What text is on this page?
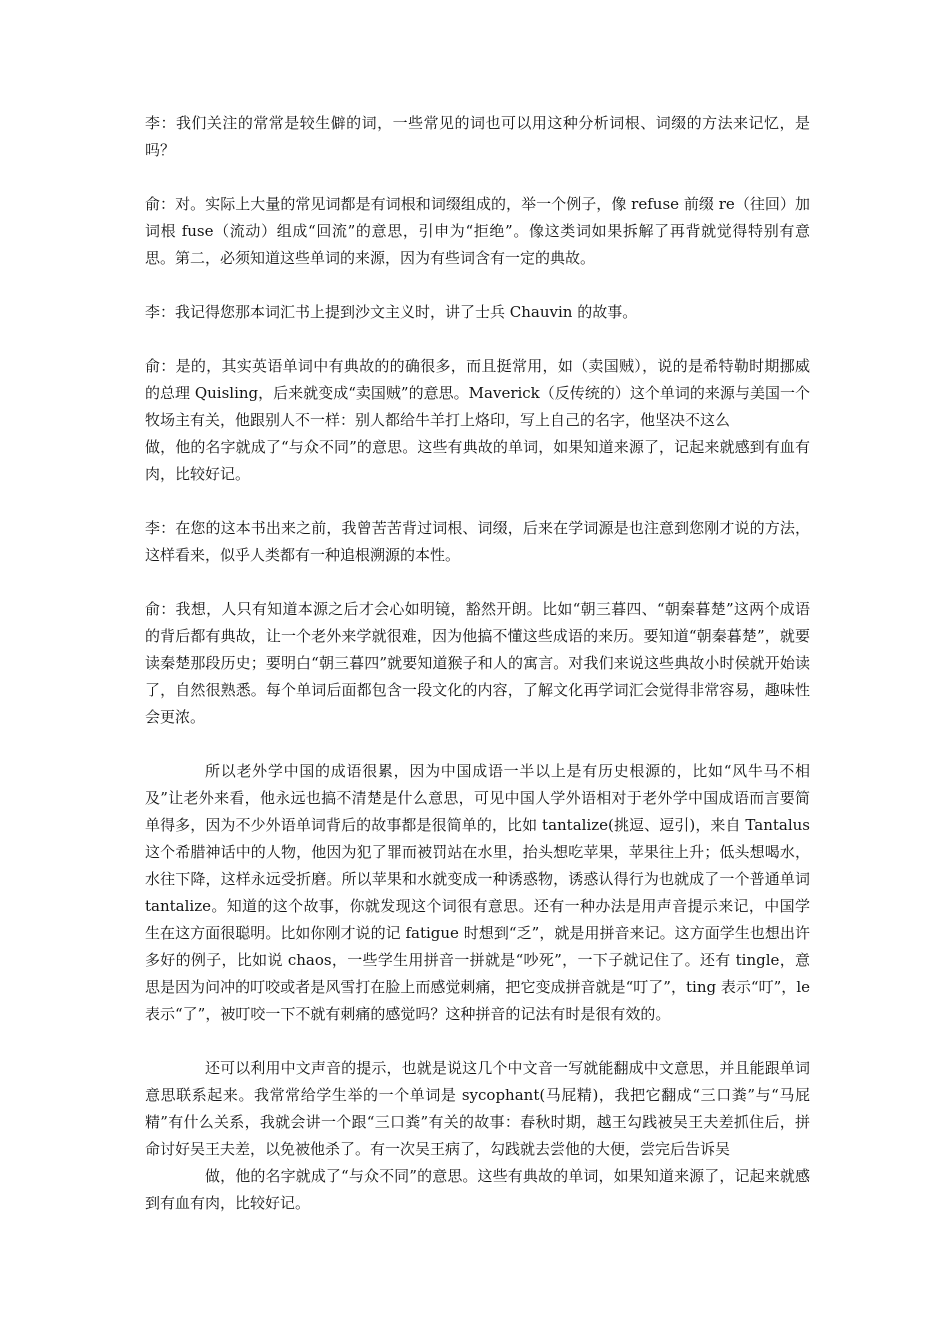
李：我们关注的常常是较生僻的词，一些常见的词也可以用这种分析词根、词缀的方法来记忆，是吗？

俞：对。实际上大量的常见词都是有词根和词缀组成的，举一个例子，像 refuse 前缀 re（往回）加词根 fuse（流动）组成“回流”的意思，引申为“拒绝”。像这类词如果拆解了再背就觉得特别有意思。第二，必须知道这些单词的来源，因为有些词含有一定的典故。

李：我记得您那本词汇书上提到沙文主义时，讲了士兵 Chauvin 的故事。

俞：是的，其实英语单词中有典故的的确很多，而且挺常用，如（卖国贼），说的是希特勒时期挪威的总理 Quisling，后来就变成“卖国贼”的意思。Maverick（反传统的）这个单词的来源与美国一个牧场主有关，他跟别人不一样：别人都给牛羊打上烙印，写上自己的名字，他坚决不这么
做，他的名字就成了“与众不同”的意思。这些有典故的单词，如果知道来源了，记起来就感到有血有肉，比较好记。

李：在您的这本书出来之前，我曾苦苦背过词根、词缀，后来在学词源是也注意到您刚才说的方法，这样看来，似乎人类都有一种追根溯源的本性。

俞：我想，人只有知道本源之后才会心如明镜，豁然开朗。比如“朝三暮四、“朝秦暮楚”这两个成语的背后都有典故，让一个老外来学就很难，因为他搞不懂这些成语的来历。要知道“朝秦暮楚”，就要读秦楚那段历史；要明白“朝三暮四”就要知道猴子和人的寓言。对我们来说这些典故小时侯就开始读了，自然很熟悉。每个单词后面都包含一段文化的内容，了解文化再学词汇会觉得非常容易，趣味性会更浓。

所以老外学中国的成语很累，因为中国成语一半以上是有历史根源的，比如“风牛马不相及”让老外来看，他永远也搞不清楚是什么意思，可见中国人学外语相对于老外学中国成语而言要简单得多，因为不少外语单词背后的故事都是很简单的，比如 tantalize(挑逗、逗引)，来自 Tantalus 这个希腊神话中的人物，他因为犯了罪而被罚站在水里，抬头想吃苹果，苹果往上升；低头想喝水，水往下降，这样永远受折磨。所以苹果和水就变成一种诱惑物，诱惑认得行为也就成了一个普通单词 tantalize。知道的这个故事，你就发现这个词很有意思。还有一种办法是用声音提示来记，中国学生在这方面很聪明。比如你刚才说的记 fatigue 时想到“乏”，就是用拼音来记。这方面学生也想出许多好的例子，比如说 chaos，一些学生用拼音一拼就是“吵死”，一下子就记住了。还有 tingle，意思是因为问冲的叮咬或者是风雪打在脸上而感觉刺痛，把它变成拼音就是“叮了”，ting 表示“叮”，le 表示“了”，被叮咬一下不就有刺痛的感觉吗？这种拼音的记法有时是很有效的。

还可以利用中文声音的提示，也就是说这几个中文音一写就能翻成中文意思，并且能跟单词意思联系起来。我常常给学生举的一个单词是 sycophant(马屁精)，我把它翻成“三口粪”与“马屁精”有什么关系，我就会讲一个跟“三口粪”有关的故事：春秋时期，越王勾践被吴王夫差抓住后，拼命讨好吴王夫差，以免被他杀了。有一次吴王病了，勾践就去尝他的大便，尝完后告诉吴
做，他的名字就成了“与众不同”的意思。这些有典故的单词，如果知道来源了，记起来就感到有血有肉，比较好记。
